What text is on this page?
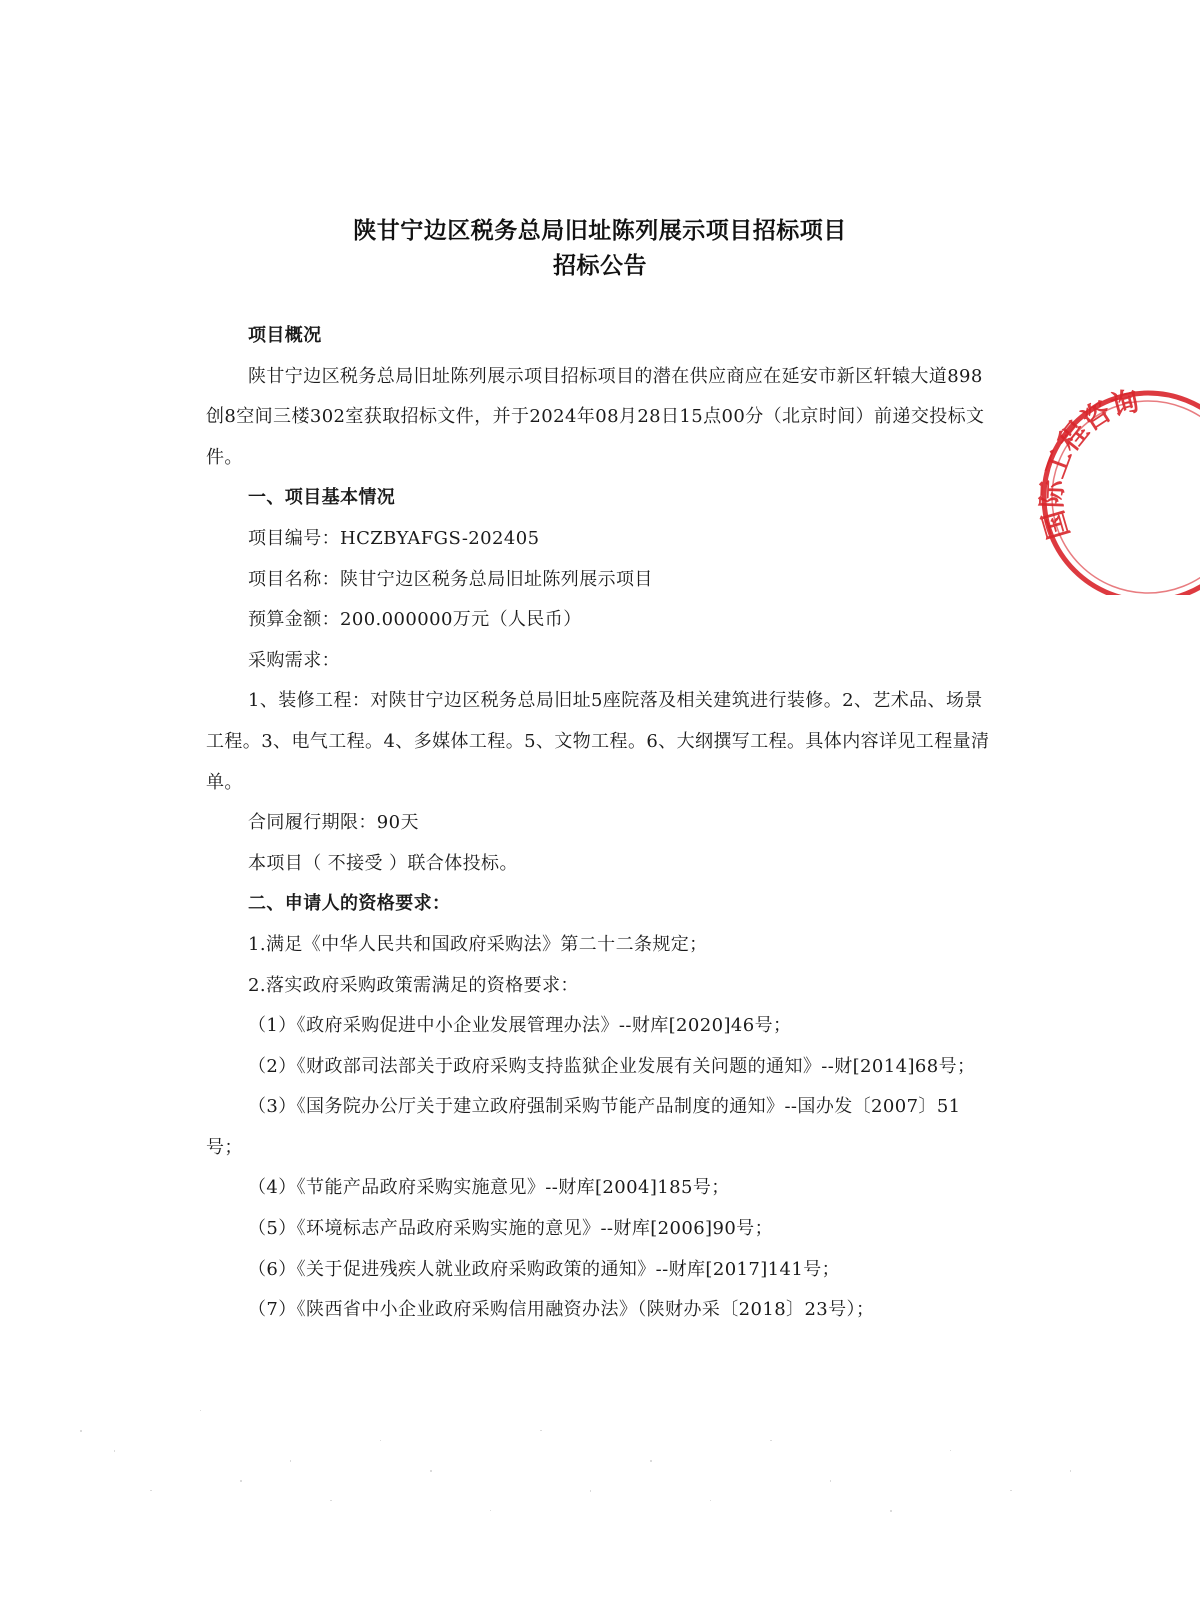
陕甘宁边区税务总局旧址陈列展示项目招标项目
招标公告

项目概况

陕甘宁边区税务总局旧址陈列展示项目招标项目的潜在供应商应在延安市新区轩辕大道898创8空间三楼302室获取招标文件，并于2024年08月28日15点00分（北京时间）前递交投标文件。

一、项目基本情况

项目编号：HCZBYAFGS-202405

项目名称：陕甘宁边区税务总局旧址陈列展示项目

预算金额：200.000000万元（人民币）

采购需求：

1、装修工程：对陕甘宁边区税务总局旧址5座院落及相关建筑进行装修。2、艺术品、场景工程。3、电气工程。4、多媒体工程。5、文物工程。6、大纲撰写工程。具体内容详见工程量清单。

合同履行期限：90天

本项目（ 不接受 ）联合体投标。

二、申请人的资格要求：

1.满足《中华人民共和国政府采购法》第二十二条规定；

2.落实政府采购政策需满足的资格要求：

（1）《政府采购促进中小企业发展管理办法》--财库[2020]46号；

（2）《财政部司法部关于政府采购支持监狱企业发展有关问题的通知》--财[2014]68号；

（3）《国务院办公厅关于建立政府强制采购节能产品制度的通知》--国办发〔2007〕51号；

（4）《节能产品政府采购实施意见》--财库[2004]185号；

（5）《环境标志产品政府采购实施的意见》--财库[2006]90号；

（6）《关于促进残疾人就业政府采购政策的通知》--财库[2017]141号；

（7）《陕西省中小企业政府采购信用融资办法》（陕财办采〔2018〕23号）；

国际工程咨询
